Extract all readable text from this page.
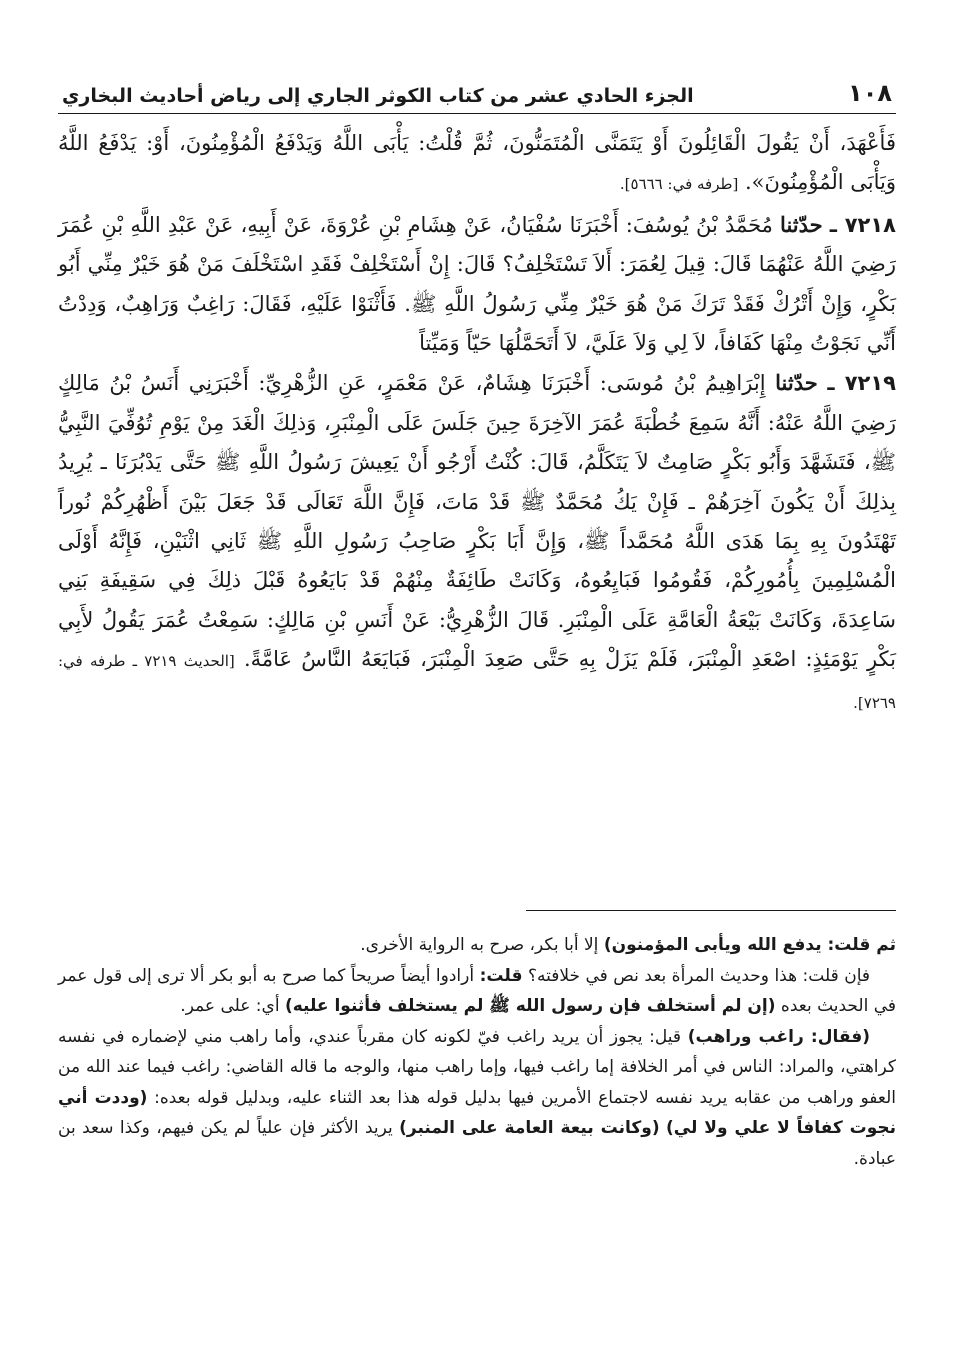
١٠٨
الجزء الحادي عشر من كتاب الكوثر الجاري إلى رياض أحاديث البخاري

فَأَعْهَدَ، أَنْ يَقُولَ الْقَائِلُونَ أَوْ يَتَمَنَّى الْمُتَمَنُّونَ، ثُمَّ قُلْتُ: يَأْبَى اللَّهُ وَيَدْفَعُ الْمُؤْمِنُونَ، أَوْ: يَدْفَعُ اللَّهُ وَيَأْبَى الْمُؤْمِنُونَ». [طرفه في: ٥٦٦٦].

٧٢١٨ ـ حدّثنا مُحَمَّدُ بْنُ يُوسُفَ: أَخْبَرَنَا سُفْيَانُ، عَنْ هِشَامِ بْنِ عُرْوَةَ، عَنْ أَبِيهِ، عَنْ عَبْدِ اللَّهِ بْنِ عُمَرَ رَضِيَ اللَّهُ عَنْهُمَا قَالَ: قِيلَ لِعُمَرَ: أَلاَ تَسْتَخْلِفُ؟ قَالَ: إِنْ أَسْتَخْلِفْ فَقَدِ اسْتَخْلَفَ مَنْ هُوَ خَيْرٌ مِنِّي أَبُو بَكْرٍ، وَإِنْ أَتْرُكْ فَقَدْ تَرَكَ مَنْ هُوَ خَيْرٌ مِنِّي رَسُولُ اللَّهِ ﷺ. فَأَثْنَوْا عَلَيْهِ، فَقَالَ: رَاغِبٌ وَرَاهِبٌ، وَدِدْتُ أَنِّي نَجَوْتُ مِنْهَا كَفَافاً، لاَ لِي وَلاَ عَلَيَّ، لاَ أَتَحَمَّلُهَا حَيّاً وَمَيِّتاً

٧٢١٩ ـ حدّثنا إِبْرَاهِيمُ بْنُ مُوسَى: أَخْبَرَنَا هِشَامٌ، عَنْ مَعْمَرٍ، عَنِ الزُّهْرِيِّ: أَخْبَرَنِي أَنَسُ بْنُ مَالِكٍ رَضِيَ اللَّهُ عَنْهُ: أَنَّهُ سَمِعَ خُطْبَةَ عُمَرَ الآخِرَةَ حِينَ جَلَسَ عَلَى الْمِنْبَرِ، وَذلِكَ الْغَدَ مِنْ يَوْمِ تُوُفِّيَ النَّبِيُّ ﷺ، فَتَشَهَّدَ وَأَبُو بَكْرٍ صَامِتٌ لاَ يَتَكَلَّمُ، قَالَ: كُنْتُ أَرْجُو أَنْ يَعِيشَ رَسُولُ اللَّهِ ﷺ حَتَّى يَدْبُرَنَا ـ يُرِيدُ بِذلِكَ أَنْ يَكُونَ آخِرَهُمْ ـ فَإِنْ يَكُ مُحَمَّدٌ ﷺ قَدْ مَاتَ، فَإِنَّ اللَّهَ تَعَالَى قَدْ جَعَلَ بَيْنَ أَظْهُرِكُمْ نُوراً تَهْتَدُونَ بِهِ بِمَا هَدَى اللَّهُ مُحَمَّداً ﷺ، وَإِنَّ أَبَا بَكْرٍ صَاحِبُ رَسُولِ اللَّهِ ﷺ ثَانِي اثْنَيْنِ، فَإِنَّهُ أَوْلَى الْمُسْلِمِينَ بِأُمُورِكُمْ، فَقُومُوا فَبَايِعُوهُ، وَكَانَتْ طَائِفَةٌ مِنْهُمْ قَدْ بَايَعُوهُ قَبْلَ ذلِكَ فِي سَقِيفَةِ بَنِي سَاعِدَةَ، وَكَانَتْ بَيْعَةُ الْعَامَّةِ عَلَى الْمِنْبَرِ. قَالَ الزُّهْرِيُّ: عَنْ أَنَسِ بْنِ مَالِكٍ: سَمِعْتُ عُمَرَ يَقُولُ لأَبِي بَكْرٍ يَوْمَئِذٍ: اصْعَدِ الْمِنْبَرَ، فَلَمْ يَزَلْ بِهِ حَتَّى صَعِدَ الْمِنْبَرَ، فَبَايَعَهُ النَّاسُ عَامَّةً. [الحديث ٧٢١٩ ـ طرفه في: ٧٢٦٩].

ثم قلت: يدفع الله ويأبى المؤمنون) إلا أبا بكر، صرح به الرواية الأخرى.

فإن قلت: هذا وحديث المرأة بعد نص في خلافته؟ قلت: أرادوا أيضاً صريحاً كما صرح به أبو بكر ألا ترى إلى قول عمر في الحديث بعده (إن لم أستخلف فإن رسول الله ﷺ لم يستخلف فأثنوا عليه) أي: على عمر.

(فقال: راغب وراهب) قيل: يجوز أن يريد راغب فيّ لكونه كان مقرباً عندي، وأما راهب مني لإضماره في نفسه كراهتي، والمراد: الناس في أمر الخلافة إما راغب فيها، وإما راهب منها، والوجه ما قاله القاضي: راغب فيما عند الله من العفو وراهب من عقابه يريد نفسه لاجتماع الأمرين فيها بدليل قوله هذا بعد الثناء عليه، وبدليل قوله بعده: (وددت أني نجوت كفافاً لا علي ولا لي) (وكانت بيعة العامة على المنبر) يريد الأكثر فإن علياً لم يكن فيهم، وكذا سعد بن عبادة.
